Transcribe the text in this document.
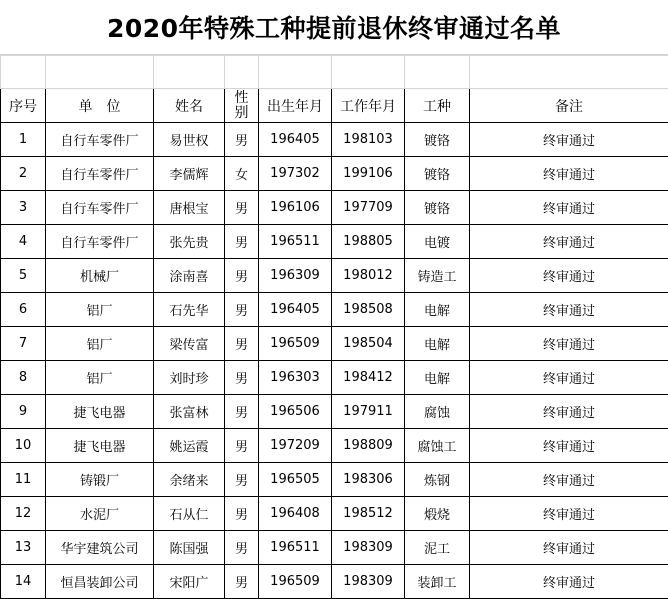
2020年特殊工种提前退休终审通过名单

序号	单　位	姓名	性别	出生年月	工作年月	工种	备注
1	自行车零件厂	易世权	男	196405	198103	镀铬	终审通过
2	自行车零件厂	李儒辉	女	197302	199106	镀铬	终审通过
3	自行车零件厂	唐根宝	男	196106	197709	镀铬	终审通过
4	自行车零件厂	张先贵	男	196511	198805	电镀	终审通过
5	机械厂	涂南喜	男	196309	198012	铸造工	终审通过
6	铝厂	石先华	男	196405	198508	电解	终审通过
7	铝厂	梁传富	男	196509	198504	电解	终审通过
8	铝厂	刘时珍	男	196303	198412	电解	终审通过
9	捷飞电器	张富林	男	196506	197911	腐蚀	终审通过
10	捷飞电器	姚运霞	男	197209	198809	腐蚀工	终审通过
11	铸锻厂	余绪来	男	196505	198306	炼钢	终审通过
12	水泥厂	石从仁	男	196408	198512	煅烧	终审通过
13	华宇建筑公司	陈国强	男	196511	198309	泥工	终审通过
14	恒昌装卸公司	宋阳广	男	196509	198309	装卸工	终审通过
